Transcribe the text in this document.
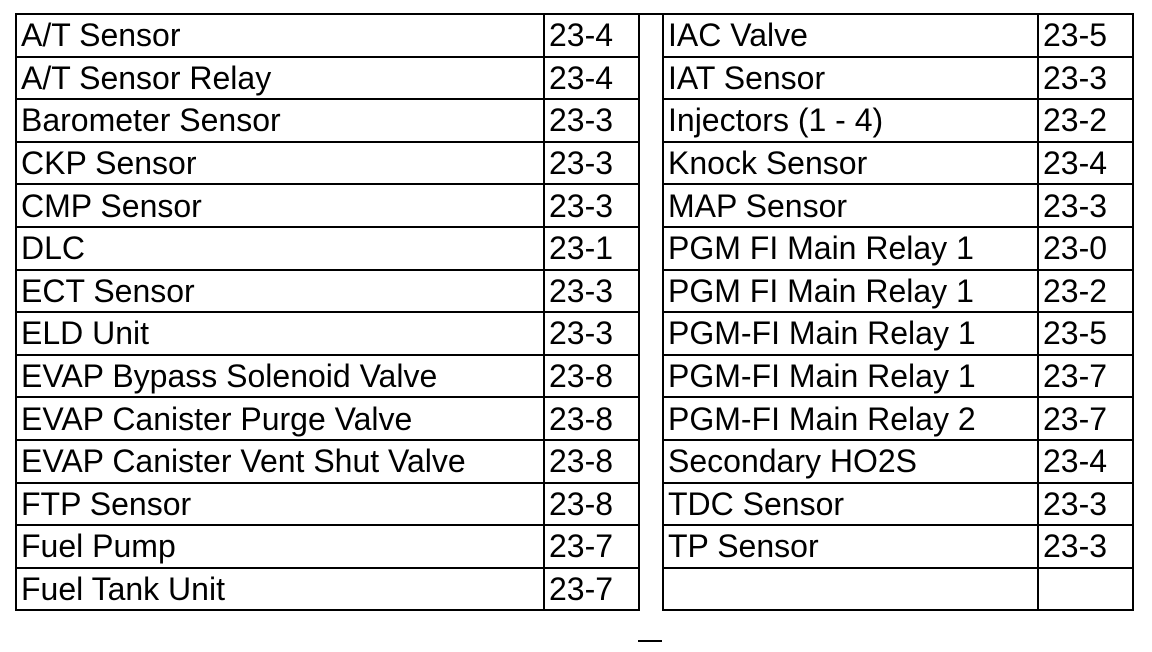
A/T Sensor	23-4
A/T Sensor Relay	23-4
Barometer Sensor	23-3
CKP Sensor	23-3
CMP Sensor	23-3
DLC	23-1
ECT Sensor	23-3
ELD Unit	23-3
EVAP Bypass Solenoid Valve	23-8
EVAP Canister Purge Valve	23-8
EVAP Canister Vent Shut Valve	23-8
FTP Sensor	23-8
Fuel Pump	23-7
Fuel Tank Unit	23-7
IAC Valve	23-5
IAT Sensor	23-3
Injectors (1 - 4)	23-2
Knock Sensor	23-4
MAP Sensor	23-3
PGM FI Main Relay 1	23-0
PGM FI Main Relay 1	23-2
PGM-FI Main Relay 1	23-5
PGM-FI Main Relay 1	23-7
PGM-FI Main Relay 2	23-7
Secondary HO2S	23-4
TDC Sensor	23-3
TP Sensor	23-3
